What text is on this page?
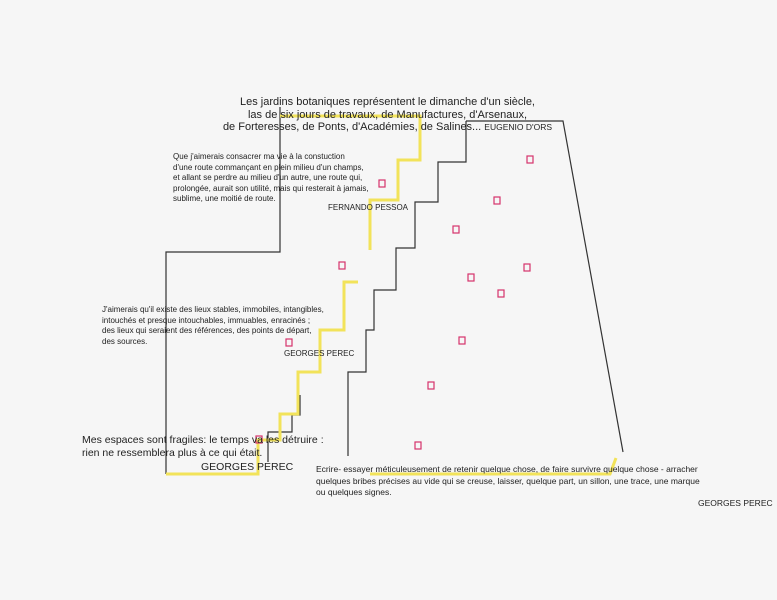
Les jardins botaniques représentent le dimanche d'un siècle,
las de six jours de travaux, de Manufactures, d'Arsenaux,
de Forteresses, de Ponts, d'Académies, de Salines... EUGENIO D'ORS
Que j'aimerais consacrer ma vie à la constuction
d'une route commançant en plein milieu d'un champs,
et allant se perdre au milieu d'un autre, une route qui,
prolongée, aurait son utilité, mais qui resterait à jamais,
sublime, une moitié de route.
FERNANDO PESSOA
J'aimerais qu'il existe des lieux stables, immobiles, intangibles,
intouchés et presque intouchables, immuables, enracinés ;
des lieux qui seraient des références, des points de départ,
des sources.
GEORGES PEREC
Mes espaces sont fragiles: le temps va les détruire :
rien ne ressemblera plus à ce qui était.
GEORGES PEREC	Ecrire- essayer méticuleusement de retenir quelque chose, de faire survivre quelque chose - arracher
quelques bribes précises au vide qui se creuse, laisser, quelque part, un sillon, une trace, une marque
ou quelques signes.
GEORGES PEREC
